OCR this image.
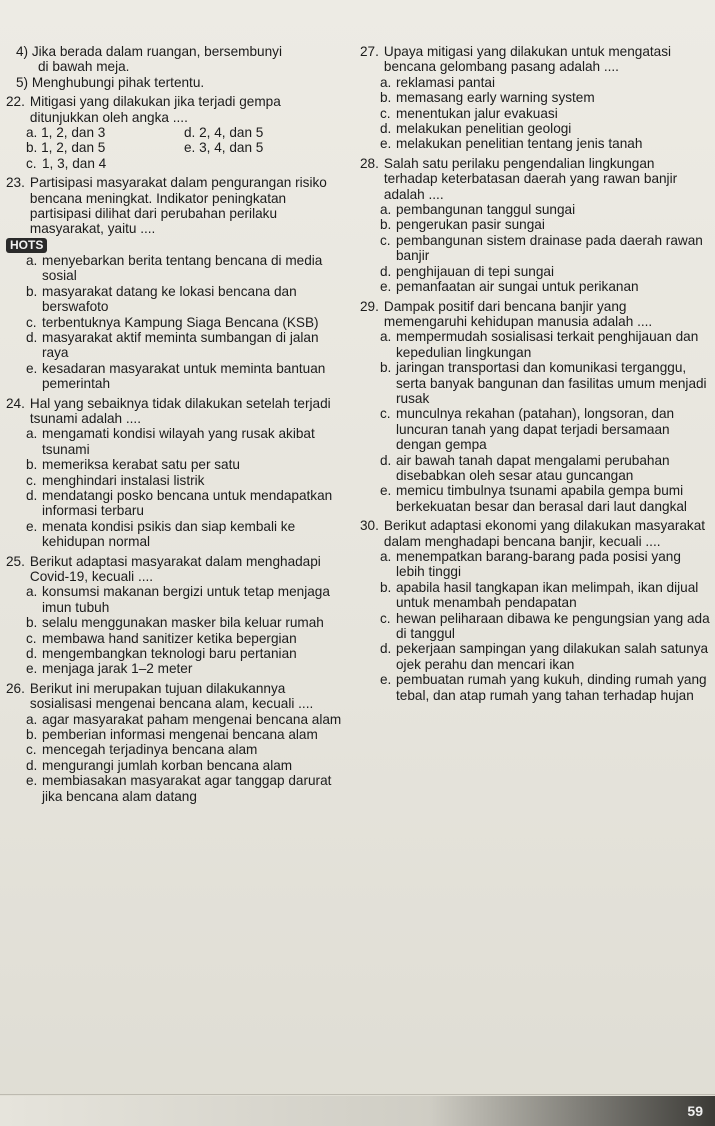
4) Jika berada dalam ruangan, bersembunyi
di bawah meja.
5) Menghubungi pihak tertentu.
22. Mitigasi yang dilakukan jika terjadi gempa ditunjukkan oleh angka ....
a. 1, 2, dan 3	d. 2, 4, dan 5
b. 1, 2, dan 5	e. 3, 4, dan 5
c. 1, 3, dan 4
23. Partisipasi masyarakat dalam pengurangan risiko bencana meningkat. Indikator peningkatan partisipasi dilihat dari perubahan perilaku masyarakat, yaitu ....
HOTS
a. menyebarkan berita tentang bencana di media sosial
b. masyarakat datang ke lokasi bencana dan berswafoto
c. terbentuknya Kampung Siaga Bencana (KSB)
d. masyarakat aktif meminta sumbangan di jalan raya
e. kesadaran masyarakat untuk meminta bantuan pemerintah
24. Hal yang sebaiknya tidak dilakukan setelah terjadi tsunami adalah ....
a. mengamati kondisi wilayah yang rusak akibat tsunami
b. memeriksa kerabat satu per satu
c. menghindari instalasi listrik
d. mendatangi posko bencana untuk mendapatkan informasi terbaru
e. menata kondisi psikis dan siap kembali ke kehidupan normal
25. Berikut adaptasi masyarakat dalam menghadapi Covid-19, kecuali ....
a. konsumsi makanan bergizi untuk tetap menjaga imun tubuh
b. selalu menggunakan masker bila keluar rumah
c. membawa hand sanitizer ketika bepergian
d. mengembangkan teknologi baru pertanian
e. menjaga jarak 1–2 meter
26. Berikut ini merupakan tujuan dilakukannya sosialisasi mengenai bencana alam, kecuali ....
a. agar masyarakat paham mengenai bencana alam
b. pemberian informasi mengenai bencana alam
c. mencegah terjadinya bencana alam
d. mengurangi jumlah korban bencana alam
e. membiasakan masyarakat agar tanggap darurat jika bencana alam datang
27. Upaya mitigasi yang dilakukan untuk mengatasi bencana gelombang pasang adalah ....
a. reklamasi pantai
b. memasang early warning system
c. menentukan jalur evakuasi
d. melakukan penelitian geologi
e. melakukan penelitian tentang jenis tanah
28. Salah satu perilaku pengendalian lingkungan terhadap keterbatasan daerah yang rawan banjir adalah ....
a. pembangunan tanggul sungai
b. pengerukan pasir sungai
c. pembangunan sistem drainase pada daerah rawan banjir
d. penghijauan di tepi sungai
e. pemanfaatan air sungai untuk perikanan
29. Dampak positif dari bencana banjir yang memengaruhi kehidupan manusia adalah ....
a. mempermudah sosialisasi terkait penghijauan dan kepedulian lingkungan
b. jaringan transportasi dan komunikasi terganggu, serta banyak bangunan dan fasilitas umum menjadi rusak
c. munculnya rekahan (patahan), longsoran, dan luncuran tanah yang dapat terjadi bersamaan dengan gempa
d. air bawah tanah dapat mengalami perubahan disebabkan oleh sesar atau guncangan
e. memicu timbulnya tsunami apabila gempa bumi berkekuatan besar dan berasal dari laut dangkal
30. Berikut adaptasi ekonomi yang dilakukan masyarakat dalam menghadapi bencana banjir, kecuali ....
a. menempatkan barang-barang pada posisi yang lebih tinggi
b. apabila hasil tangkapan ikan melimpah, ikan dijual untuk menambah pendapatan
c. hewan peliharaan dibawa ke pengungsian yang ada di tanggul
d. pekerjaan sampingan yang dilakukan salah satunya ojek perahu dan mencari ikan
e. pembuatan rumah yang kukuh, dinding rumah yang tebal, dan atap rumah yang tahan terhadap hujan
59
